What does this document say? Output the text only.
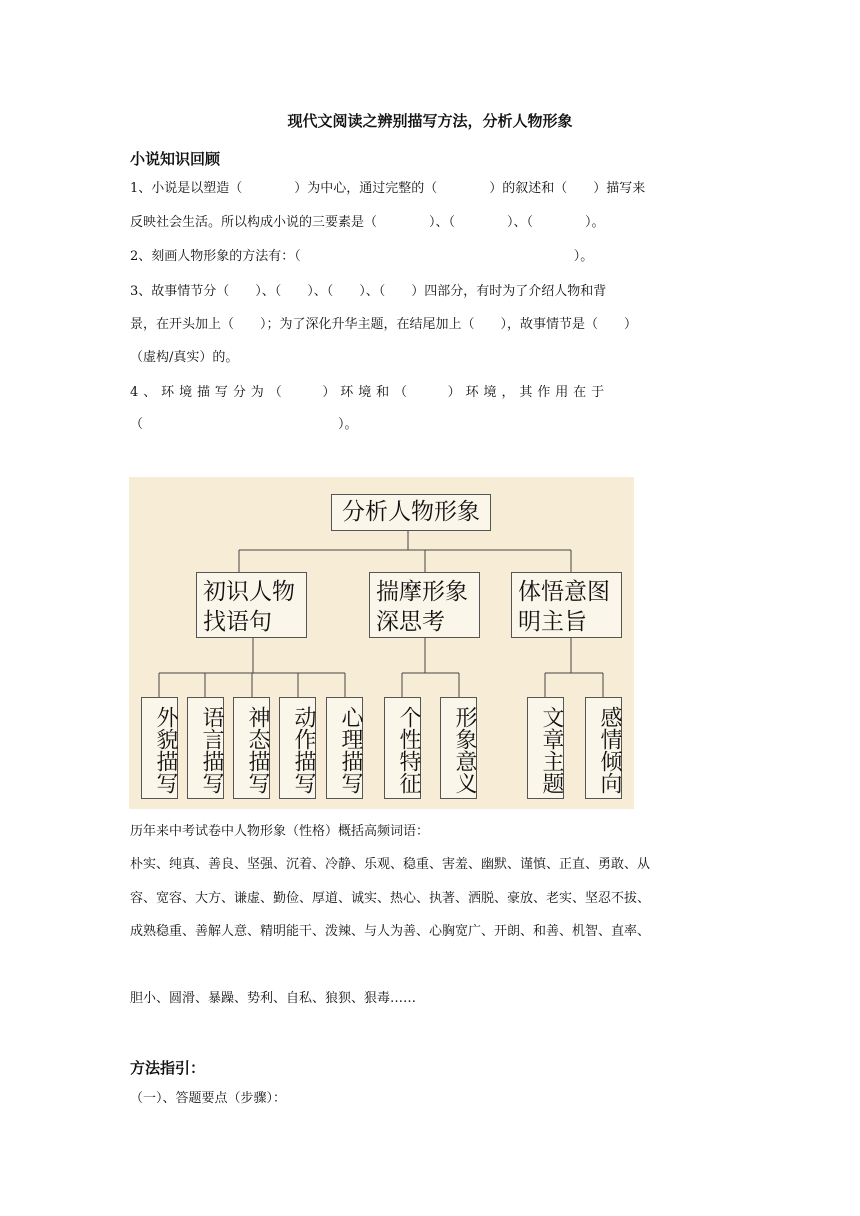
现代文阅读之辨别描写方法，分析人物形象
小说知识回顾
1、小说是以塑造（　　　　）为中心，通过完整的（　　　　）的叙述和（　　）描写来
反映社会生活。所以构成小说的三要素是（　　　　）、（　　　　）、（　　　　）。
2、刻画人物形象的方法有：（　　　　　　　　　　　　　　　　　　　　　）。
3、故事情节分（　　）、（　　）、（　　）、（　　）四部分，有时为了介绍人物和背
景，在开头加上（　　）；为了深化升华主题，在结尾加上（　　），故事情节是（　　）
（虚构/真实）的。
4 、 环 境 描 写 分 为 （　　　） 环 境 和 （　　　） 环 境 ， 其 作 用 在 于
（　　　　　　　　　　　　　　　）。
分析人物形象
初识人物
找语句
揣摩形象
深思考
体悟意图
明主旨
外貌描写 语言描写 神态描写 动作描写	心理描写	个性特征	形象意义	文章主题	感情倾向
历年来中考试卷中人物形象（性格）概括高频词语：
朴实、纯真、善良、坚强、沉着、冷静、乐观、稳重、害羞、幽默、谨慎、正直、勇敢、从
容、宽容、大方、谦虚、勤俭、厚道、诚实、热心、执著、洒脱、豪放、老实、坚忍不拔、
成熟稳重、善解人意、精明能干、泼辣、与人为善、心胸宽广、开朗、和善、机智、直率、
胆小、圆滑、暴躁、势利、自私、狼狈、狠毒……
方法指引：
（一）、答题要点（步骤）：
